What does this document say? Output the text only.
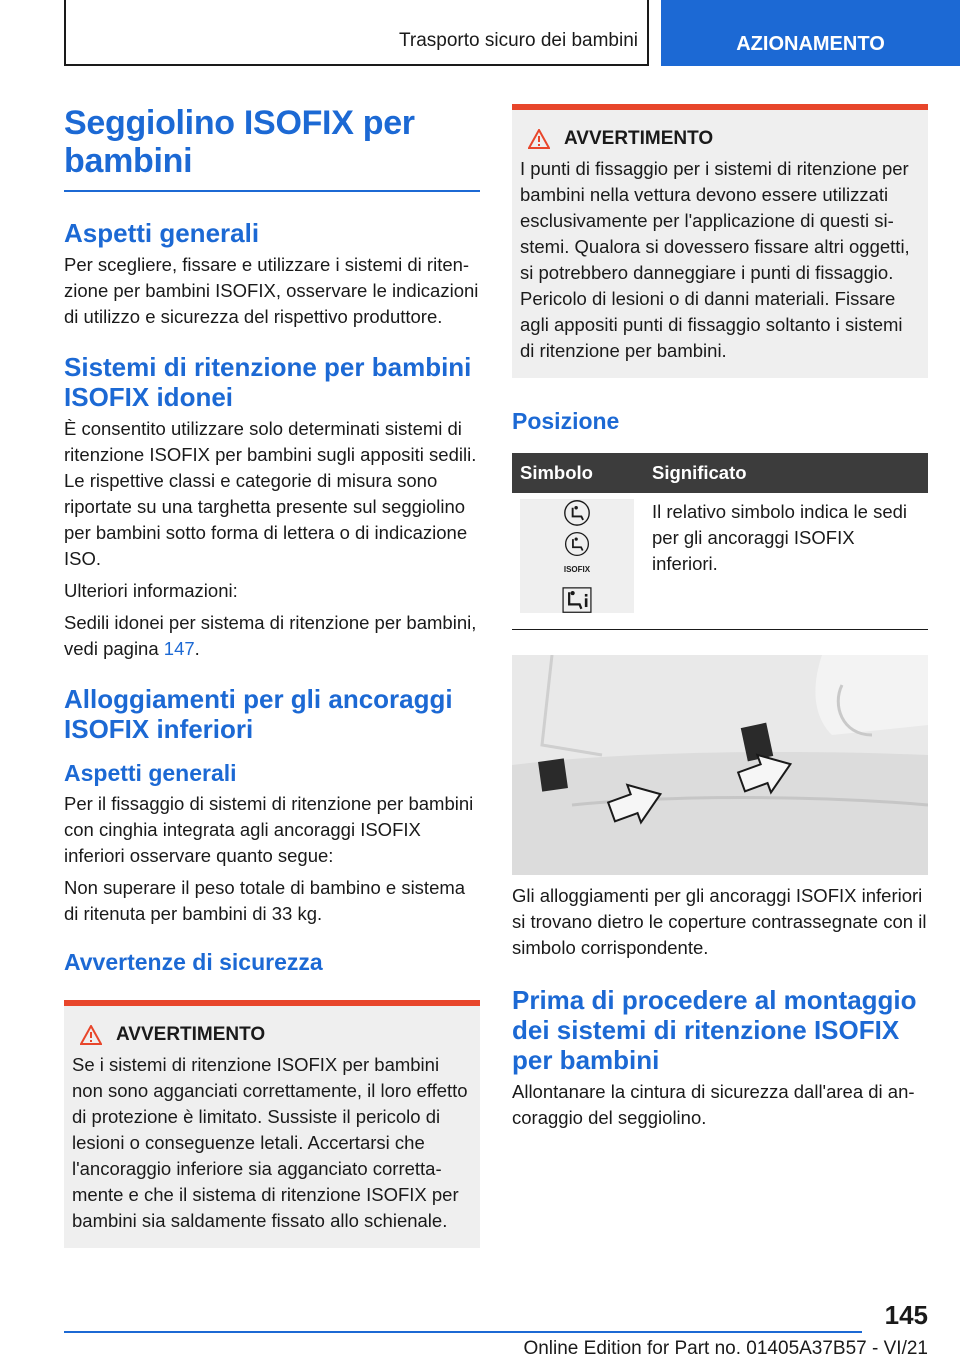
Trasporto sicuro dei bambini	AZIONAMENTO
Seggiolino ISOFIX per bambini
Aspetti generali

Per scegliere, fissare e utilizzare i sistemi di ritenzione per bambini ISOFIX, osservare le indicazioni di utilizzo e sicurezza del rispettivo produttore.

Sistemi di ritenzione per bambini ISOFIX idonei

È consentito utilizzare solo determinati sistemi di ritenzione ISOFIX per bambini sugli appositi sedili. Le rispettive classi e categorie di misura sono riportate su una targhetta presente sul seggiolino per bambini sotto forma di lettera o di indicazione ISO.

Ulteriori informazioni:

Sedili idonei per sistema di ritenzione per bambini, vedi pagina 147.

Alloggiamenti per gli ancoraggi ISOFIX inferiori
Aspetti generali

Per il fissaggio di sistemi di ritenzione per bambini con cinghia integrata agli ancoraggi ISOFIX inferiori osservare quanto segue:

Non superare il peso totale di bambino e sistema di ritenuta per bambini di 33 kg.

Avvertenze di sicurezza
AVVERTIMENTO

Se i sistemi di ritenzione ISOFIX per bambini non sono agganciati correttamente, il loro effetto di protezione è limitato. Sussiste il pericolo di lesioni o conseguenze letali. Accertarsi che l'ancoraggio inferiore sia agganciato correttamente e che il sistema di ritenzione ISOFIX per bambini sia saldamente fissato allo schienale.

AVVERTIMENTO

I punti di fissaggio per i sistemi di ritenzione per bambini nella vettura devono essere utilizzati esclusivamente per l'applicazione di questi sistemi. Qualora si dovessero fissare altri oggetti, si potrebbero danneggiare i punti di fissaggio. Pericolo di lesioni o di danni materiali. Fissare agli appositi punti di fissaggio soltanto i sistemi di ritenzione per bambini.

Posizione
Simbolo	Significato

ISOFIX	Il relativo simbolo indica le sedi per gli ancoraggi ISOFIX inferiori.

Gli alloggiamenti per gli ancoraggi ISOFIX inferiori si trovano dietro le coperture contrassegnate con il simbolo corrispondente.

Prima di procedere al montaggio dei sistemi di ritenzione ISOFIX per bambini

Allontanare la cintura di sicurezza dall'area di ancoraggio del seggiolino.

145
Online Edition for Part no. 01405A37B57 - VI/21
